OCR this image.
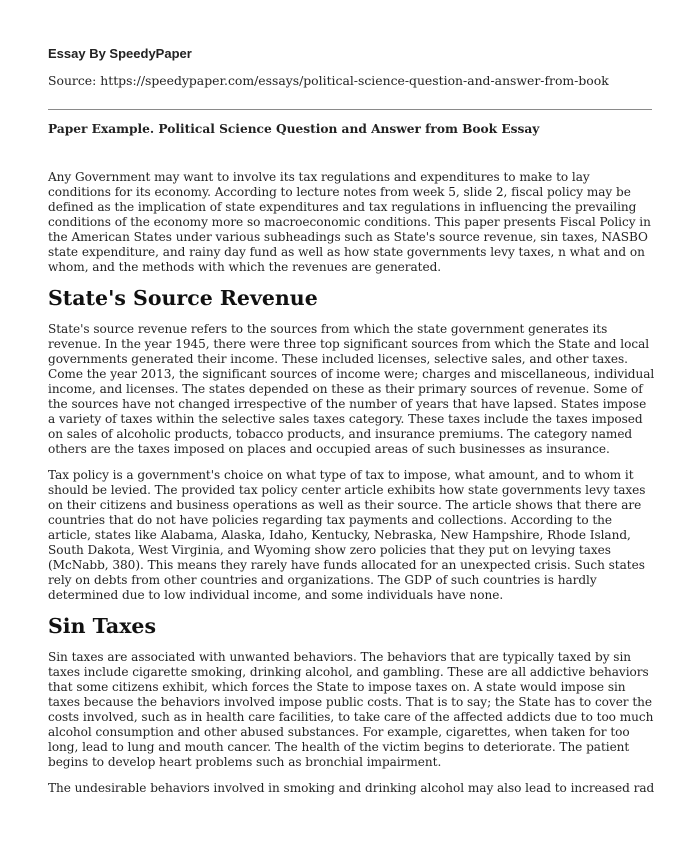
Essay By SpeedyPaper
Source: https://speedypaper.com/essays/political-science-question-and-answer-from-book
Paper Example. Political Science Question and Answer from Book Essay

Any Government may want to involve its tax regulations and expenditures to make to lay conditions for its economy. According to lecture notes from week 5, slide 2, fiscal policy may be defined as the implication of state expenditures and tax regulations in influencing the prevailing conditions of the economy more so macroeconomic conditions. This paper presents Fiscal Policy in the American States under various subheadings such as State's source revenue, sin taxes, NASBO state expenditure, and rainy day fund as well as how state governments levy taxes, n what and on whom, and the methods with which the revenues are generated.

State's Source Revenue

State's source revenue refers to the sources from which the state government generates its revenue. In the year 1945, there were three top significant sources from which the State and local governments generated their income. These included licenses, selective sales, and other taxes. Come the year 2013, the significant sources of income were; charges and miscellaneous, individual income, and licenses. The states depended on these as their primary sources of revenue. Some of the sources have not changed irrespective of the number of years that have lapsed. States impose a variety of taxes within the selective sales taxes category. These taxes include the taxes imposed on sales of alcoholic products, tobacco products, and insurance premiums. The category named others are the taxes imposed on places and occupied areas of such businesses as insurance.

Tax policy is a government's choice on what type of tax to impose, what amount, and to whom it should be levied. The provided tax policy center article exhibits how state governments levy taxes on their citizens and business operations as well as their source. The article shows that there are countries that do not have policies regarding tax payments and collections. According to the article, states like Alabama, Alaska, Idaho, Kentucky, Nebraska, New Hampshire, Rhode Island, South Dakota, West Virginia, and Wyoming show zero policies that they put on levying taxes (McNabb, 380). This means they rarely have funds allocated for an unexpected crisis. Such states rely on debts from other countries and organizations. The GDP of such countries is hardly determined due to low individual income, and some individuals have none.

Sin Taxes

Sin taxes are associated with unwanted behaviors. The behaviors that are typically taxed by sin taxes include cigarette smoking, drinking alcohol, and gambling. These are all addictive behaviors that some citizens exhibit, which forces the State to impose taxes on. A state would impose sin taxes because the behaviors involved impose public costs. That is to say; the State has to cover the costs involved, such as in health care facilities, to take care of the affected addicts due to too much alcohol consumption and other abused substances. For example, cigarettes, when taken for too long, lead to lung and mouth cancer. The health of the victim begins to deteriorate. The patient begins to develop heart problems such as bronchial impairment.

The undesirable behaviors involved in smoking and drinking alcohol may also lead to increased rad
